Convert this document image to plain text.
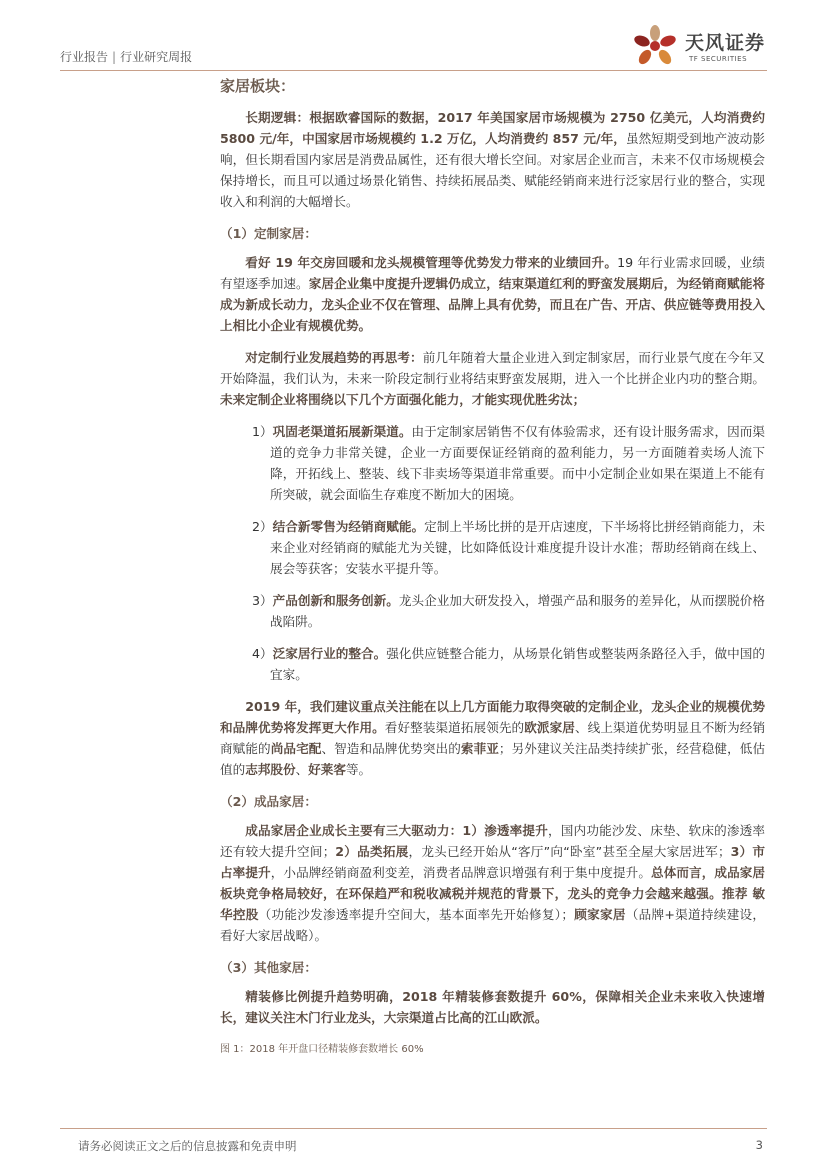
行业报告 | 行业研究周报
天风证券
TF SECURITIES
家居板块：

长期逻辑：根据欧睿国际的数据，2017 年美国家居市场规模为 2750 亿美元，人均消费约 5800 元/年，中国家居市场规模约 1.2 万亿，人均消费约 857 元/年，虽然短期受到地产波动影响，但长期看国内家居是消费品属性，还有很大增长空间。对家居企业而言，未来不仅市场规模会保持增长，而且可以通过场景化销售、持续拓展品类、赋能经销商来进行泛家居行业的整合，实现收入和利润的大幅增长。

（1）定制家居：

看好 19 年交房回暖和龙头规模管理等优势发力带来的业绩回升。19 年行业需求回暖，业绩有望逐季加速。家居企业集中度提升逻辑仍成立，结束渠道红利的野蛮发展期后，为经销商赋能将成为新成长动力，龙头企业不仅在管理、品牌上具有优势，而且在广告、开店、供应链等费用投入上相比小企业有规模优势。

对定制行业发展趋势的再思考：前几年随着大量企业进入到定制家居，而行业景气度在今年又开始降温，我们认为，未来一阶段定制行业将结束野蛮发展期，进入一个比拼企业内功的整合期。未来定制企业将围绕以下几个方面强化能力，才能实现优胜劣汰；

1）巩固老渠道拓展新渠道。由于定制家居销售不仅有体验需求，还有设计服务需求，因而渠道的竞争力非常关键，企业一方面要保证经销商的盈利能力，另一方面随着卖场人流下降，开拓线上、整装、线下非卖场等渠道非常重要。而中小定制企业如果在渠道上不能有所突破，就会面临生存难度不断加大的困境。

2）结合新零售为经销商赋能。定制上半场比拼的是开店速度，下半场将比拼经销商能力，未来企业对经销商的赋能尤为关键，比如降低设计难度提升设计水准；帮助经销商在线上、展会等获客；安装水平提升等。

3）产品创新和服务创新。龙头企业加大研发投入，增强产品和服务的差异化，从而摆脱价格战陷阱。

4）泛家居行业的整合。强化供应链整合能力，从场景化销售或整装两条路径入手，做中国的宜家。

2019 年，我们建议重点关注能在以上几方面能力取得突破的定制企业，龙头企业的规模优势和品牌优势将发挥更大作用。看好整装渠道拓展领先的欧派家居、线上渠道优势明显且不断为经销商赋能的尚品宅配、智造和品牌优势突出的索菲亚；另外建议关注品类持续扩张，经营稳健，低估值的志邦股份、好莱客等。

（2）成品家居：

成品家居企业成长主要有三大驱动力：1）渗透率提升，国内功能沙发、床垫、软床的渗透率还有较大提升空间；2）品类拓展，龙头已经开始从“客厅”向“卧室”甚至全屋大家居进军；3）市占率提升，小品牌经销商盈利变差，消费者品牌意识增强有利于集中度提升。总体而言，成品家居板块竞争格局较好，在环保趋严和税收减税并规范的背景下，龙头的竞争力会越来越强。推荐 敏华控股（功能沙发渗透率提升空间大，基本面率先开始修复）；顾家家居（品牌+渠道持续建设，看好大家居战略）。

（3）其他家居：

精装修比例提升趋势明确，2018 年精装修套数提升 60%，保障相关企业未来收入快速增长，建议关注木门行业龙头，大宗渠道占比高的江山欧派。

图 1：2018 年开盘口径精装修套数增长 60%
请务必阅读正文之后的信息披露和免责申明	3
